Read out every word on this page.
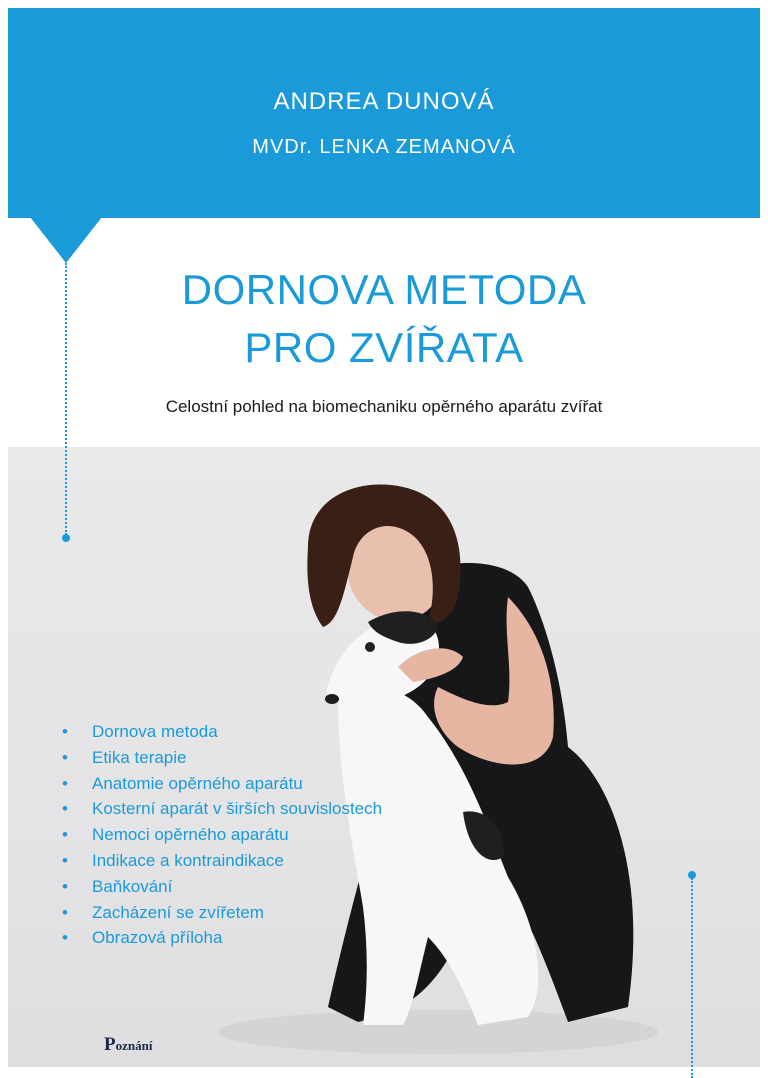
ANDREA DUNOVÁ
MVDr. LENKA ZEMANOVÁ
DORNOVA METODA
PRO ZVÍŘATA
Celostní pohled na biomechaniku opěrného aparátu zvířat
• Dornova metoda
• Etika terapie
• Anatomie opěrného aparátu
• Kosterní aparát v širších souvislostech
• Nemoci opěrného aparátu
• Indikace a kontraindikace
• Baňkování
• Zacházení se zvířetem
• Obrazová příloha
Poznání
